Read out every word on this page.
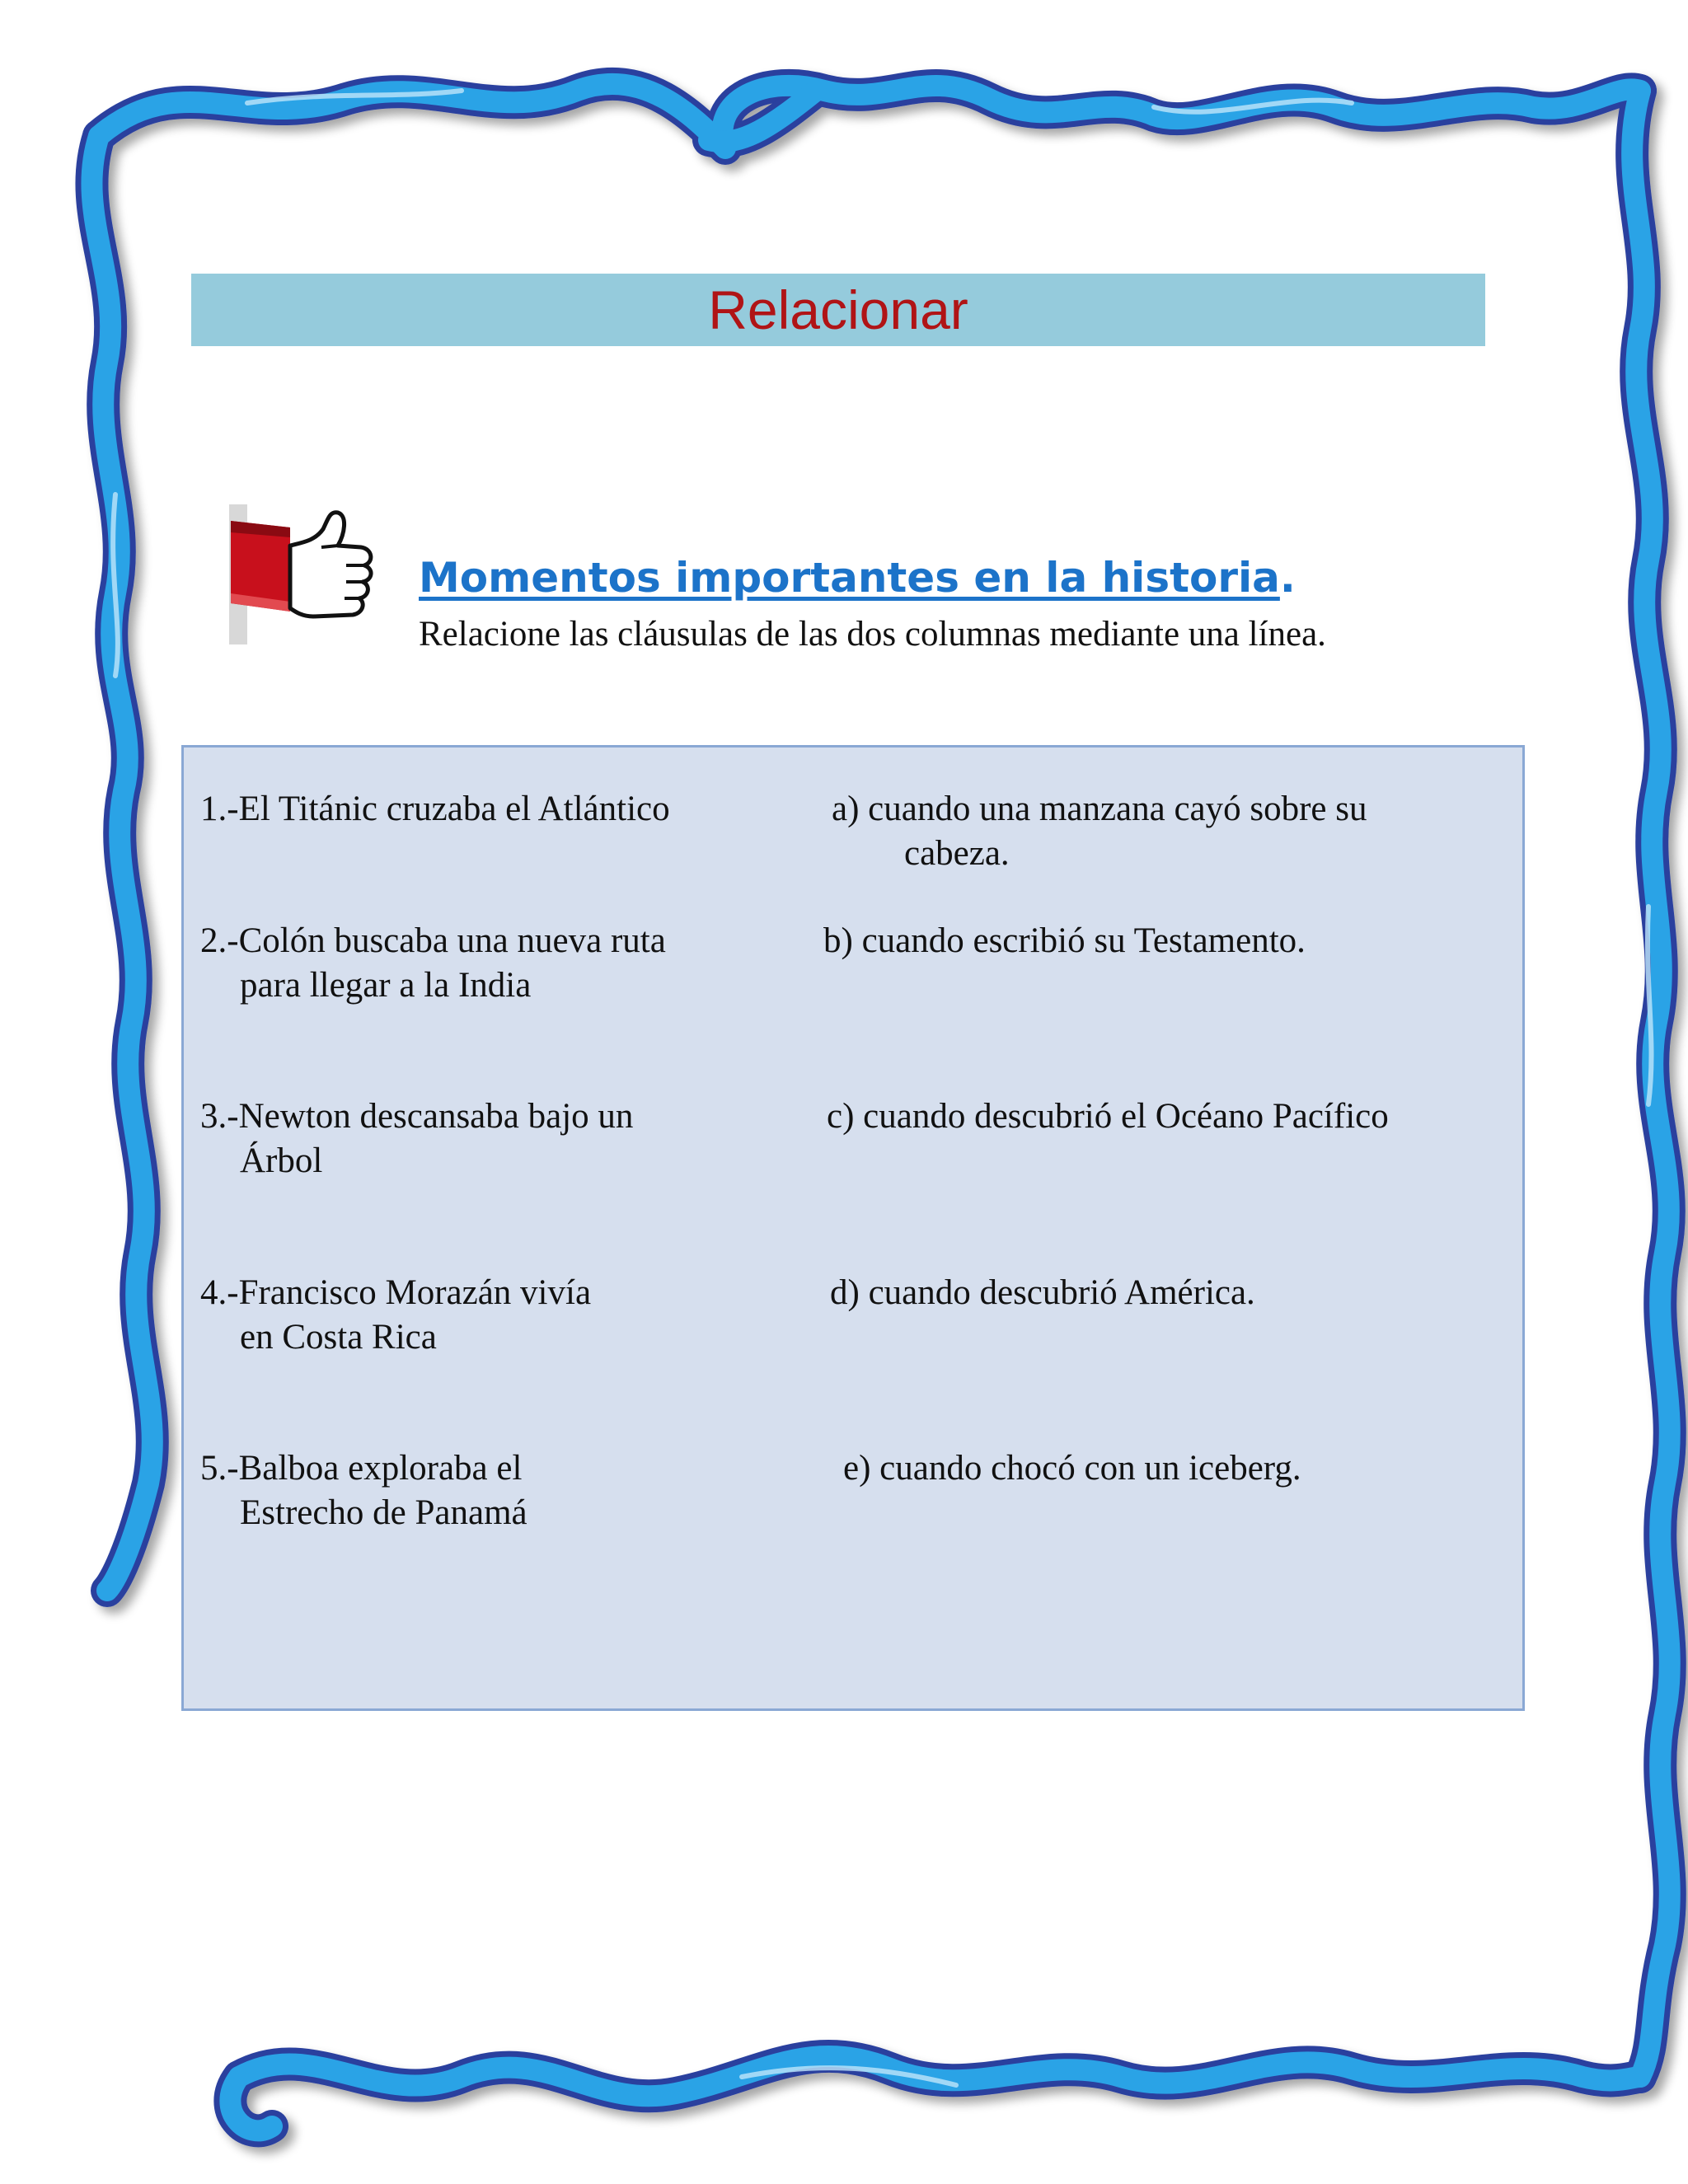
Relacionar
Momentos importantes en la historia.
Relacione las cláusulas de las dos columnas mediante una línea.
1.-El Titánic cruzaba el Atlántico
2.-Colón buscaba una nueva ruta
para llegar a la India
3.-Newton descansaba bajo un
Árbol
4.-Francisco Morazán vivía
en Costa Rica
5.-Balboa exploraba el
Estrecho de Panamá
a) cuando una manzana cayó sobre su
cabeza.
b) cuando escribió su Testamento.
c) cuando descubrió el Océano Pacífico
d) cuando descubrió América.
e) cuando chocó con un iceberg.
